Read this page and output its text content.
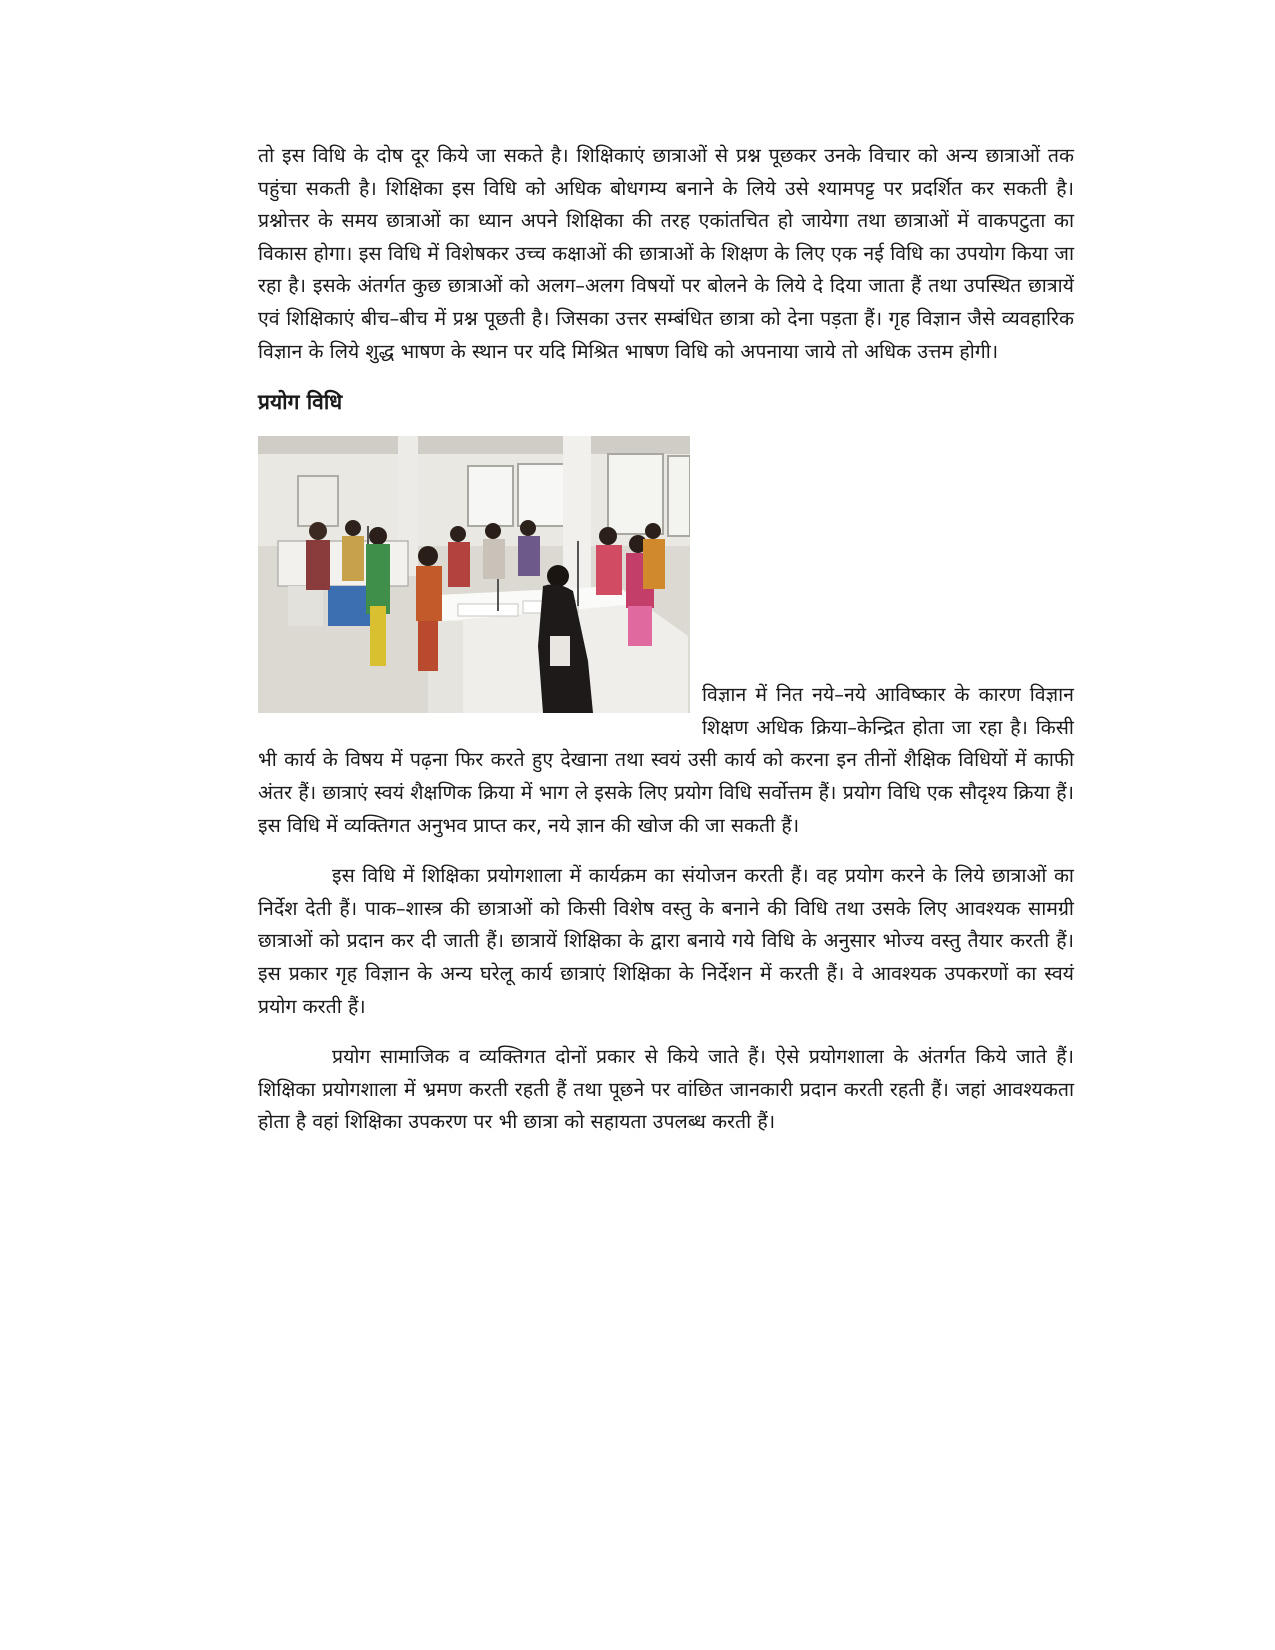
तो इस विधि के दोष दूर किये जा सकते है। शिक्षिकाएं छात्राओं से प्रश्न पूछकर उनके विचार को अन्य छात्राओं तक पहुंचा सकती है। शिक्षिका इस विधि को अधिक बोधगम्य बनाने के लिये उसे श्यामपट्ट पर प्रदर्शित कर सकती है। प्रश्नोत्तर के समय छात्राओं का ध्यान अपने शिक्षिका की तरह एकांतचित हो जायेगा तथा छात्राओं में वाकपटुता का विकास होगा। इस विधि में विशेषकर उच्च कक्षाओं की छात्राओं के शिक्षण के लिए एक नई विधि का उपयोग किया जा रहा है। इसके अंतर्गत कुछ छात्राओं को अलग–अलग विषयों पर बोलने के लिये दे दिया जाता हैं तथा उपस्थित छात्रायें एवं शिक्षिकाएं बीच–बीच में प्रश्न पूछती है। जिसका उत्तर सम्बंधित छात्रा को देना पड़ता हैं। गृह विज्ञान जैसे व्यवहारिक विज्ञान के लिये शुद्ध भाषण के स्थान पर यदि मिश्रित भाषण विधि को अपनाया जाये तो अधिक उत्तम होगी।

प्रयोग विधि

विज्ञान में नित नये–नये आविष्कार के कारण विज्ञान शिक्षण अधिक क्रिया–केन्द्रित होता जा रहा है। किसी भी कार्य के विषय में पढ़ना फिर करते हुए देखाना तथा स्वयं उसी कार्य को करना इन तीनों शैक्षिक विधियों में काफी अंतर हैं। छात्राएं स्वयं शैक्षणिक क्रिया में भाग ले इसके लिए प्रयोग विधि सर्वोत्तम हैं। प्रयोग विधि एक सौदृश्य क्रिया हैं। इस विधि में व्यक्तिगत अनुभव प्राप्त कर, नये ज्ञान की खोज की जा सकती हैं।

इस विधि में शिक्षिका प्रयोगशाला में कार्यक्रम का संयोजन करती हैं। वह प्रयोग करने के लिये छात्राओं का निर्देश देती हैं। पाक–शास्त्र की छात्राओं को किसी विशेष वस्तु के बनाने की विधि तथा उसके लिए आवश्यक सामग्री छात्राओं को प्रदान कर दी जाती हैं। छात्रायें शिक्षिका के द्वारा बनाये गये विधि के अनुसार भोज्य वस्तु तैयार करती हैं। इस प्रकार गृह विज्ञान के अन्य घरेलू कार्य छात्राएं शिक्षिका के निर्देशन में करती हैं। वे आवश्यक उपकरणों का स्वयं प्रयोग करती हैं।

प्रयोग सामाजिक व व्यक्तिगत दोनों प्रकार से किये जाते हैं। ऐसे प्रयोगशाला के अंतर्गत किये जाते हैं। शिक्षिका प्रयोगशाला में भ्रमण करती रहती हैं तथा पूछने पर वांछित जानकारी प्रदान करती रहती हैं। जहां आवश्यकता होता है वहां शिक्षिका उपकरण पर भी छात्रा को सहायता उपलब्ध करती हैं।
